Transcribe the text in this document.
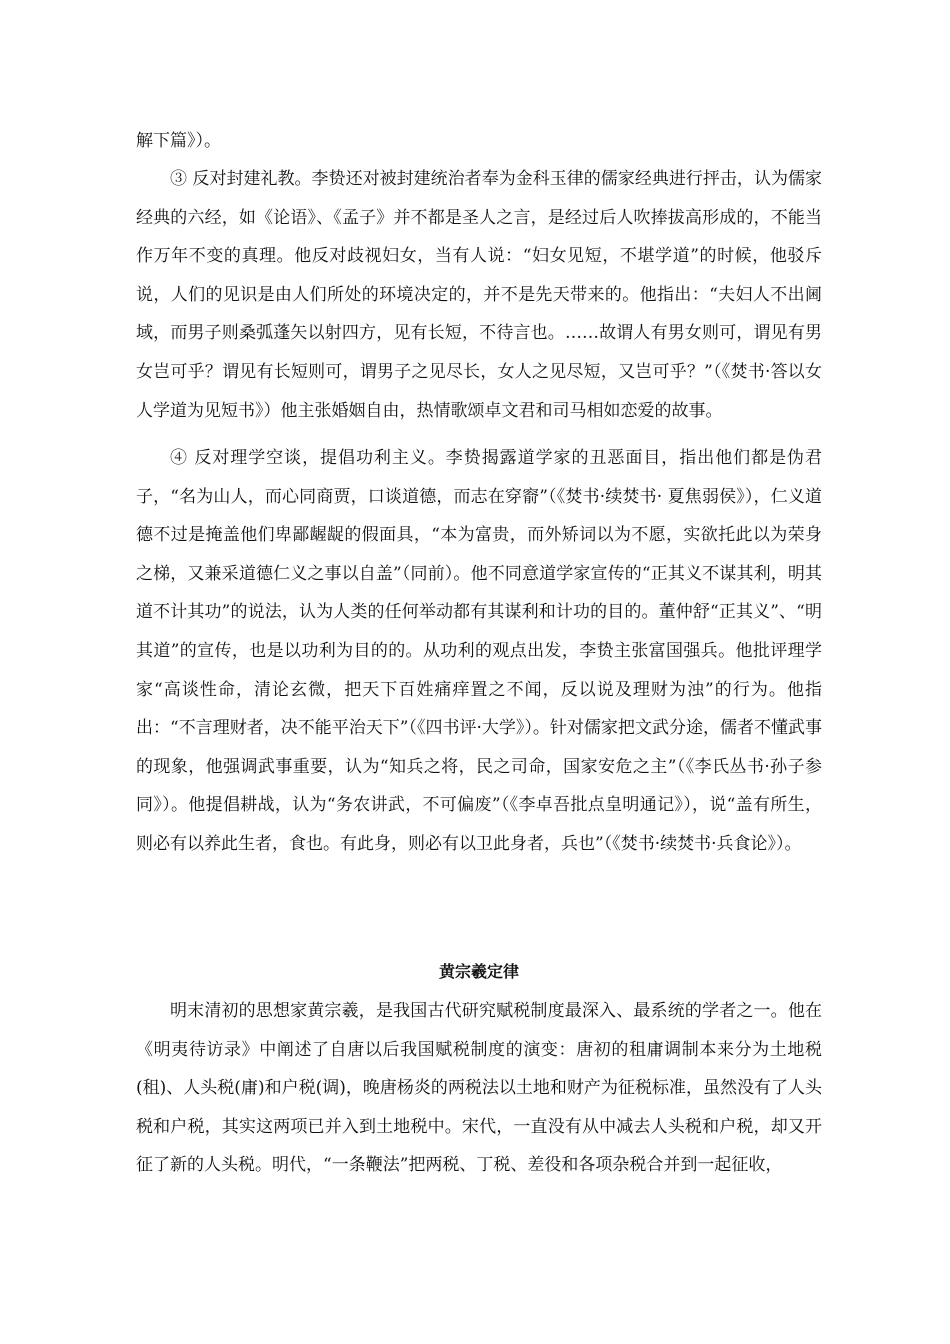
解下篇》）。

③ 反对封建礼教。李贽还对被封建统治者奉为金科玉律的儒家经典进行抨击，认为儒家经典的六经，如《论语》、《孟子》并不都是圣人之言，是经过后人吹捧拔高形成的，不能当作万年不变的真理。他反对歧视妇女，当有人说：“妇女见短，不堪学道”的时候，他驳斥说，人们的见识是由人们所处的环境决定的，并不是先天带来的。他指出：“夫妇人不出阃域，而男子则桑弧蓬矢以射四方，见有长短，不待言也。……故谓人有男女则可，谓见有男女岂可乎？谓见有长短则可，谓男子之见尽长，女人之见尽短，又岂可乎？”（《焚书·答以女人学道为见短书》）他主张婚姻自由，热情歌颂卓文君和司马相如恋爱的故事。

④ 反对理学空谈，提倡功利主义。李贽揭露道学家的丑恶面目，指出他们都是伪君子，“名为山人，而心同商贾，口谈道德，而志在穿窬”（《焚书·续焚书· 夏焦弱侯》），仁义道德不过是掩盖他们卑鄙龌龊的假面具，“本为富贵，而外矫词以为不愿，实欲托此以为荣身之梯，又兼采道德仁义之事以自盖”（同前）。他不同意道学家宣传的“正其义不谋其利，明其道不计其功”的说法，认为人类的任何举动都有其谋利和计功的目的。董仲舒“正其义”、“明其道”的宣传，也是以功利为目的的。从功利的观点出发，李贽主张富国强兵。他批评理学家“高谈性命，清论玄微，把天下百姓痛痒置之不闻，反以说及理财为浊”的行为。他指出：“不言理财者，决不能平治天下”（《四书评·大学》）。针对儒家把文武分途，儒者不懂武事的现象，他强调武事重要，认为“知兵之将，民之司命，国家安危之主”（《李氏丛书·孙子参同》）。他提倡耕战，认为“务农讲武，不可偏废”（《李卓吾批点皇明通记》），说“盖有所生，则必有以养此生者，食也。有此身，则必有以卫此身者，兵也”（《焚书·续焚书·兵食论》）。

黄宗羲定律

明末清初的思想家黄宗羲，是我国古代研究赋税制度最深入、最系统的学者之一。他在《明夷待访录》中阐述了自唐以后我国赋税制度的演变：唐初的租庸调制本来分为土地税(租)、人头税(庸)和户税(调)，晚唐杨炎的两税法以土地和财产为征税标准，虽然没有了人头税和户税，其实这两项已并入到土地税中。宋代，一直没有从中减去人头税和户税，却又开征了新的人头税。明代，“一条鞭法”把两税、丁税、差役和各项杂税合并到一起征收，
